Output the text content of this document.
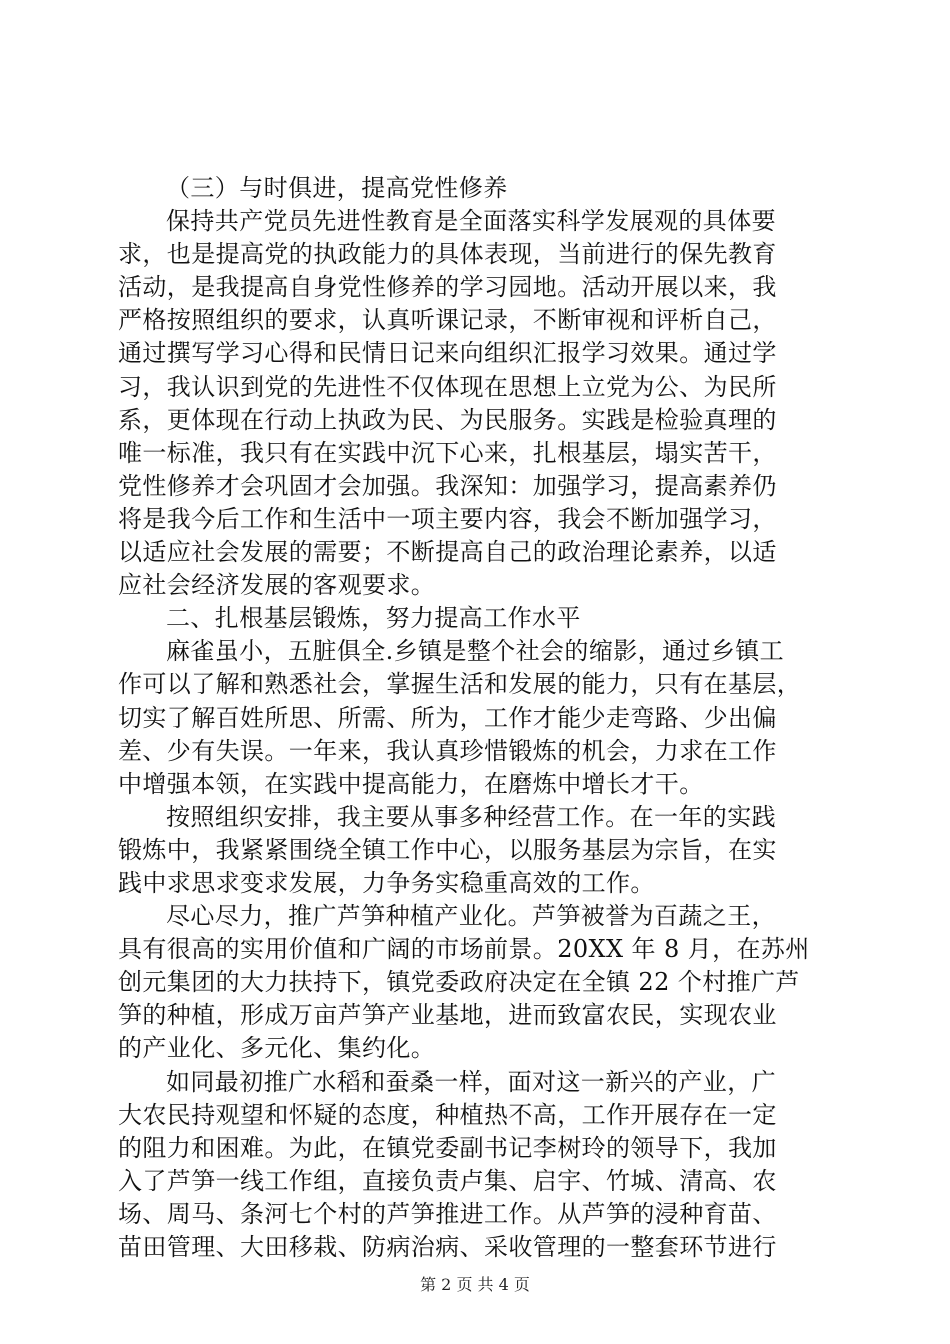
（三）与时俱进，提高党性修养
保持共产党员先进性教育是全面落实科学发展观的具体要
求，也是提高党的执政能力的具体表现，当前进行的保先教育
活动，是我提高自身党性修养的学习园地。活动开展以来，我
严格按照组织的要求，认真听课记录，不断审视和评析自己，
通过撰写学习心得和民情日记来向组织汇报学习效果。通过学
习，我认识到党的先进性不仅体现在思想上立党为公、为民所
系，更体现在行动上执政为民、为民服务。实践是检验真理的
唯一标准，我只有在实践中沉下心来，扎根基层，塌实苦干，
党性修养才会巩固才会加强。我深知：加强学习，提高素养仍
将是我今后工作和生活中一项主要内容，我会不断加强学习，
以适应社会发展的需要；不断提高自己的政治理论素养，以适
应社会经济发展的客观要求。
二、扎根基层锻炼，努力提高工作水平
麻雀虽小，五脏俱全.乡镇是整个社会的缩影，通过乡镇工
作可以了解和熟悉社会，掌握生活和发展的能力，只有在基层，
切实了解百姓所思、所需、所为，工作才能少走弯路、少出偏
差、少有失误。一年来，我认真珍惜锻炼的机会，力求在工作
中增强本领，在实践中提高能力，在磨炼中增长才干。
按照组织安排，我主要从事多种经营工作。在一年的实践
锻炼中，我紧紧围绕全镇工作中心，以服务基层为宗旨，在实
践中求思求变求发展，力争务实稳重高效的工作。
尽心尽力，推广芦笋种植产业化。芦笋被誉为百蔬之王，
具有很高的实用价值和广阔的市场前景。20XX 年 8 月，在苏州
创元集团的大力扶持下，镇党委政府决定在全镇 22 个村推广芦
笋的种植，形成万亩芦笋产业基地，进而致富农民，实现农业
的产业化、多元化、集约化。
如同最初推广水稻和蚕桑一样，面对这一新兴的产业，广
大农民持观望和怀疑的态度，种植热不高，工作开展存在一定
的阻力和困难。为此，在镇党委副书记李树玲的领导下，我加
入了芦笋一线工作组，直接负责卢集、启宇、竹城、清高、农
场、周马、条河七个村的芦笋推进工作。从芦笋的浸种育苗、
苗田管理、大田移栽、防病治病、采收管理的一整套环节进行
第 2 页 共 4 页
